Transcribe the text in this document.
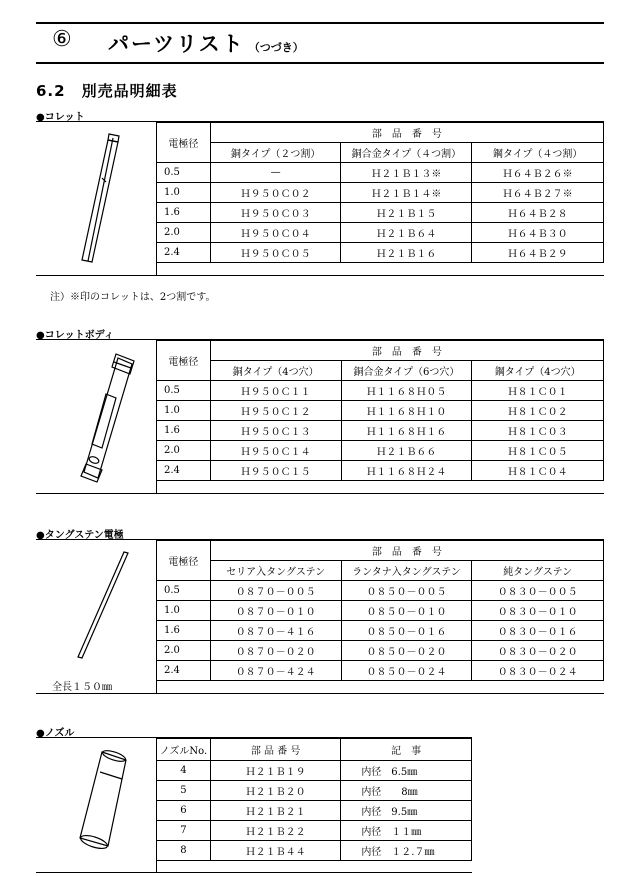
⑥ パーツリスト （つづき）
6.2　別売品明細表
●コレット
電極径	部　品　番　号		
	銅タイプ（２つ割）	銅合金タイプ（４つ割）	鋼タイプ（４つ割）
0.5	—	Ｈ２１Ｂ１３※	Ｈ６４Ｂ２６※
1.0	Ｈ９５０Ｃ０２	Ｈ２１Ｂ１４※	Ｈ６４Ｂ２７※
1.6	Ｈ９５０Ｃ０３	Ｈ２１Ｂ１５	Ｈ６４Ｂ２８
2.0	Ｈ９５０Ｃ０４	Ｈ２１Ｂ６４	Ｈ６４Ｂ３０
2.4	Ｈ９５０Ｃ０５	Ｈ２１Ｂ１６	Ｈ６４Ｂ２９
注）※印のコレットは、2つ割です。
●コレットボディ
電極径	部　品　番　号		
	銅タイプ（4つ穴）	銅合金タイプ（6つ穴）	鋼タイプ（4つ穴）
0.5	Ｈ９５０Ｃ１１	Ｈ１１６８Ｈ０５	Ｈ８１Ｃ０１
1.0	Ｈ９５０Ｃ１２	Ｈ１１６８Ｈ１０	Ｈ８１Ｃ０２
1.6	Ｈ９５０Ｃ１３	Ｈ１１６８Ｈ１６	Ｈ８１Ｃ０３
2.0	Ｈ９５０Ｃ１４	Ｈ２１Ｂ６６	Ｈ８１Ｃ０５
2.4	Ｈ９５０Ｃ１５	Ｈ１１６８Ｈ２４	Ｈ８１Ｃ０４
●タングステン電極
全長１５０㎜
電極径	部　品　番　号		
	セリア入タングステン	ランタナ入タングステン	純タングステン
0.5	０８７０－００５	０８５０－００５	０８３０－００５
1.0	０８７０－０１０	０８５０－０１０	０８３０－０１０
1.6	０８７０－４１６	０８５０－０１６	０８３０－０１６
2.0	０８７０－０２０	０８５０－０２０	０８３０－０２０
2.4	０８７０－４２４	０８５０－０２４	０８３０－０２４
●ノズル
ノズルNo.	部 品 番 号	記　事
4	Ｈ２１Ｂ１９	内径　6.5㎜
5	Ｈ２１Ｂ２０	内径　　8㎜
6	Ｈ２１Ｂ２１	内径　9.5㎜
7	Ｈ２１Ｂ２２	内径　１１㎜
8	Ｈ２１Ｂ４４	内径　１２.７㎜
